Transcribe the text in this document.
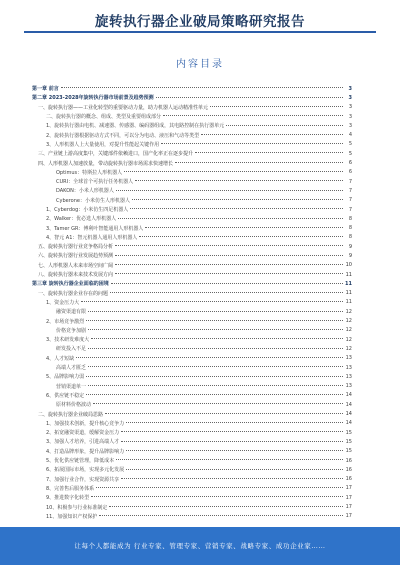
旋转执行器企业破局策略研究报告
内容目录
第一章 前言	3
第二章 2023-2028年旋转执行器市场前景及趋势预测	3
一、旋转执行器——工业化转型的重要驱动力量，助力机器人运动精准性单元	3
二、旋转执行器的概念、组成、类型及重要组成部分	3
1、旋转执行器由电机、减速器、传感器、编码器组成，其电路控制在执行器单元	3
2、旋转执行器根据驱动方式不同，可以分为电动、液压和气动等类型	4
3、人形机器人上大量使用，对提升性能起关键作用	5
三、产业链上游高度集中，关键部件依赖进口，国产化率正在逐步提升	5
四、人形机器人加速放量，带动旋转执行器市场需求快速增长	6
Optimus：特斯拉人形机器人	6
CURI：全球首个可执行任务机器人	7
DAKON：小米人形机器人	7
Cyberone：小米仿生人形机器人	7
1、Cyberdog：小米仿生四足机器人	7
2、Walker：优必选人形机器人	8
3、Tamer GR：傅利叶智能通用人形机器人	8
4、智元 A1：智元机器人通用人形机器人	8
五、旋转执行器行业竞争格局分析	9
六、旋转执行器行业发展趋势预测	9
七、人形机器人未来市场空间广阔	10
八、旋转执行器未来技术发展方向	11
第三章 旋转执行器企业面临的困境	11
一、旋转执行器企业存在的问题	11
1、资金压力大	11
融资渠道有限	12
2、市场竞争激烈	12
价格竞争加剧	12
3、技术研发难度大	12
研发投入不足	12
4、人才短缺	13
高端人才匮乏	13
5、品牌影响力弱	13
营销渠道单一	13
6、供应链不稳定	14
原材料价格波动	14
二、旋转执行器企业破局思路	14
1、加强技术创新，提升核心竞争力	14
2、拓宽融资渠道，缓解资金压力	15
3、加强人才培养，引进高端人才	15
4、打造品牌形象，提升品牌影响力	15
5、优化供应链管理，降低成本	16
6、拓展国际市场，实现多元化发展	16
7、加强行业合作，实现资源共享	16
8、完善售后服务体系	17
9、推进数字化转型	17
10、积极参与行业标准制定	17
11、加强知识产权保护	17
让每个人都能成为 行业专家、管理专家、营销专家、战略专家、成功企业家……
